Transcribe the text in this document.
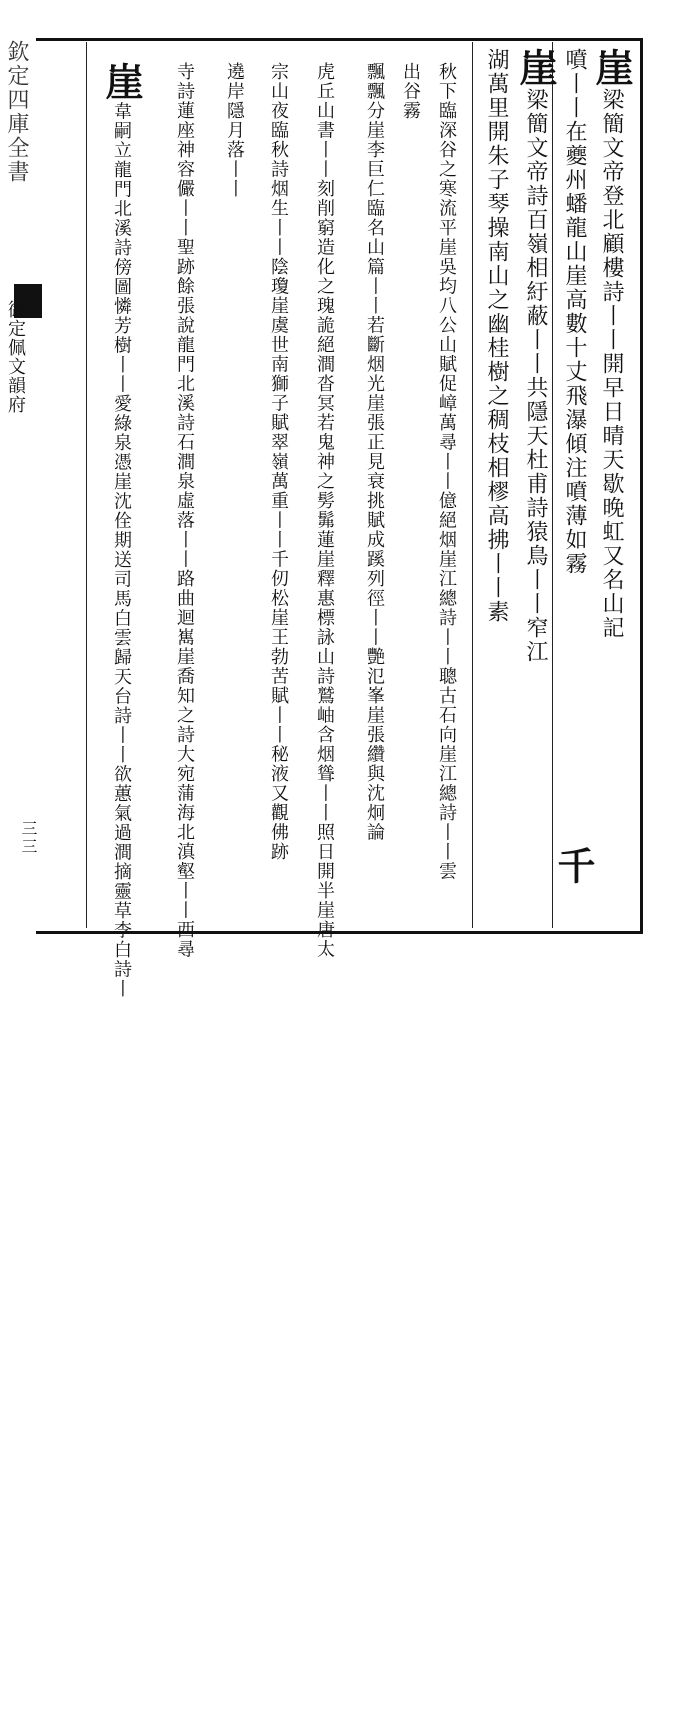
欽定四庫全書
御定佩文韻府
三三
崖梁簡文帝登北顧樓詩丨丨開早日晴天歇晚虹又名山記
噴丨丨在夔州蟠龍山崖高數十丈飛瀑傾注噴薄如霧
千
崖梁簡文帝詩百嶺相紆蔽丨丨共隱天杜甫詩猿鳥丨丨窄江
湖萬里開朱子琴操南山之幽桂樹之稠枝相樛高拂丨丨素
秋下臨深谷之寒流平崖吳均八公山賦促嶂萬尋丨丨億絕烟崖江總詩丨丨聰古石向崖江總詩丨丨雲
出谷霧
飄飄分崖李巨仁臨名山篇丨丨若斷烟光崖張正見衰挑賦成蹊列徑丨丨艷氾峯崖張纘與沈炯論
虎丘山書丨丨刻削窮造化之瑰詭絕澗沓冥若鬼神之髣髴蓮崖釋惠標詠山詩鷲岫含烟聳丨丨照日開半崖唐太
宗山夜臨秋詩烟生丨丨陰瓊崖虞世南獅子賦翠嶺萬重丨丨千仞松崖王勃苦賦丨丨秘液又觀佛跡
遶岸隱月落丨丨
寺詩蓮座神容儼丨丨聖跡餘張說龍門北溪詩石澗泉虛落丨丨路曲迴嶲崖喬知之詩大宛蒲海北滇壑丨丨西尋
崖韋嗣立龍門北溪詩傍圖憐芳樹丨丨愛綠泉憑崖沈佺期送司馬白雲歸天台詩丨丨欲蕙氣過澗摘靈草李白詩丨
